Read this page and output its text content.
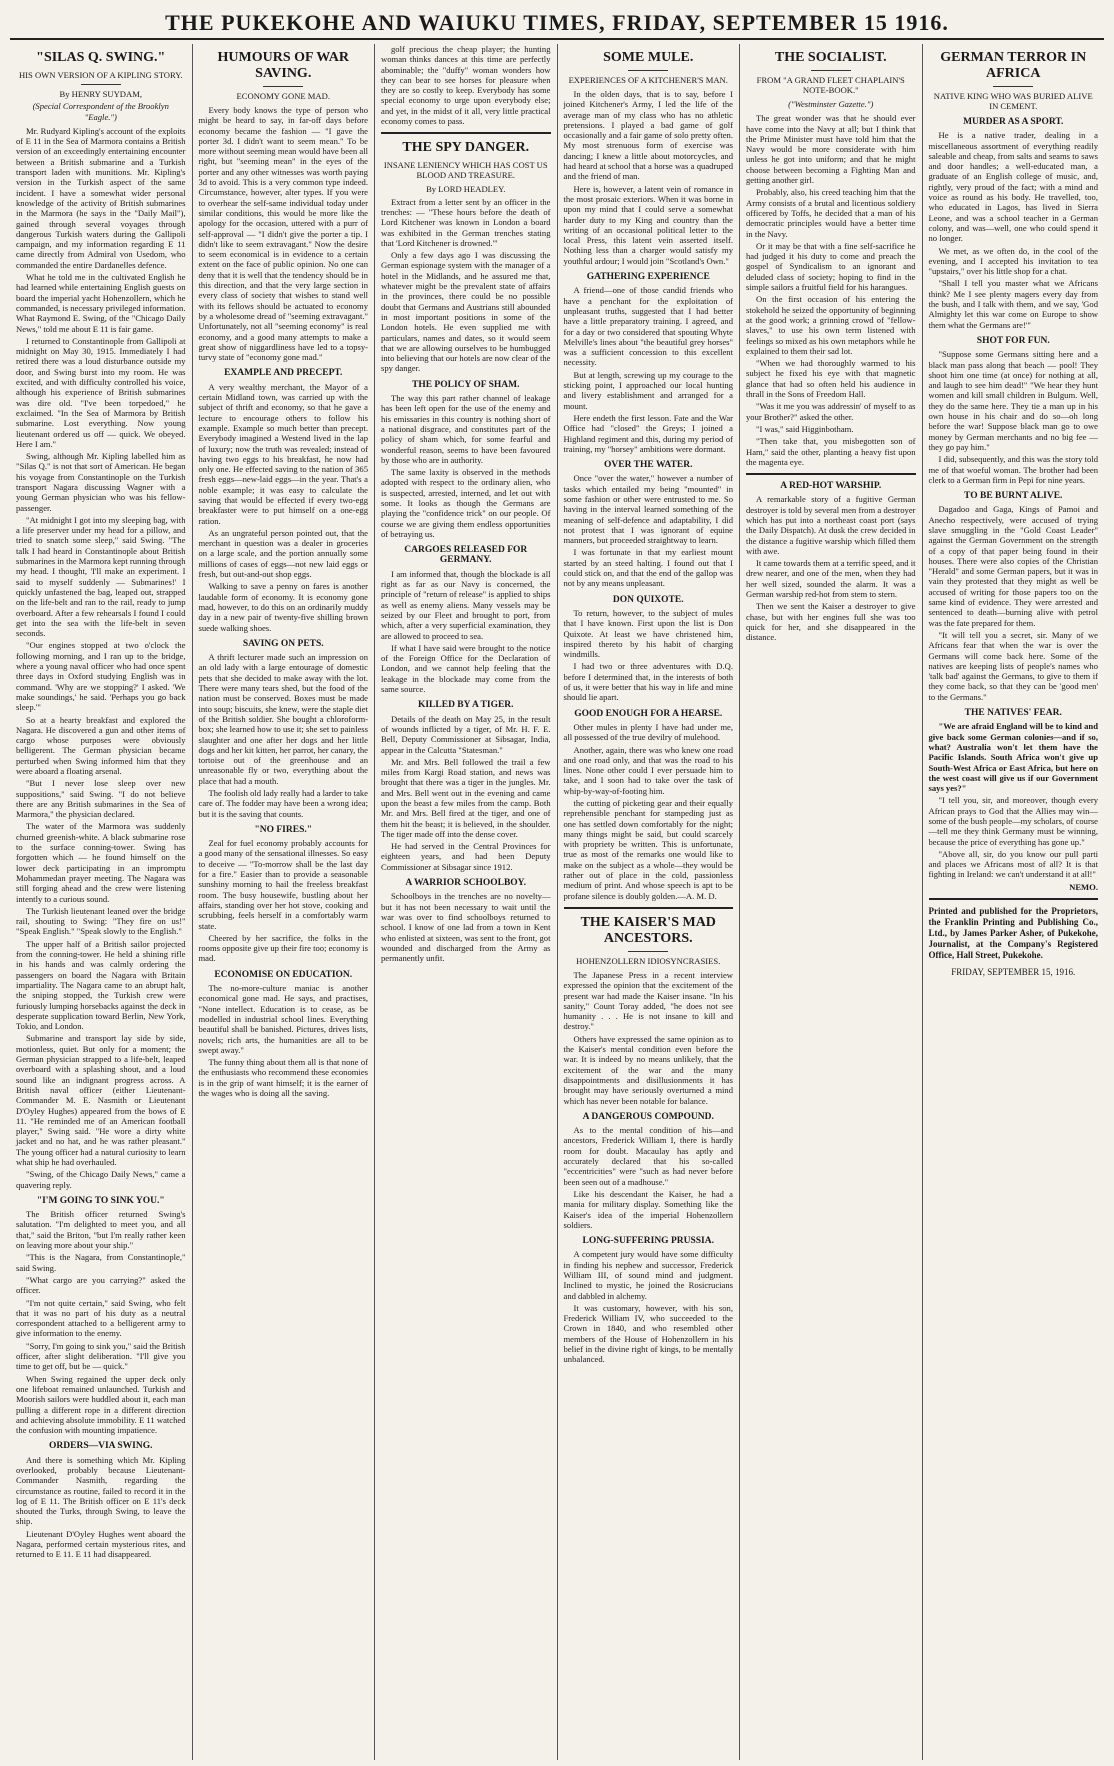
THE PUKEKOHE AND WAIUKU TIMES, FRIDAY, SEPTEMBER 15 1916.
"SILAS Q. SWING."
HIS OWN VERSION OF A KIPLING STORY.
By HENRY SUYDAM,
(Special Correspondent of the Brooklyn "Eagle.")

Mr. Rudyard Kipling's account of the exploits of E 11 in the Sea of Marmora contains a British version of an exceedingly entertaining encounter between a British submarine and a Turkish transport laden with munitions. Mr. Kipling's version in the Turkish aspect of the same incident. I have a somewhat wider personal knowledge of the activity of British submarines in the Marmora (he says in the "Daily Mail"), gained through several voyages through dangerous Turkish waters during the Gallipoli campaign, and my information regarding E 11 came directly from Admiral von Usedom, who commanded the entire Dardanelles defence.

What he told me in the cultivated English he had learned while entertaining English guests on board the imperial yacht Hohenzollern, which he commanded, is necessary privileged information. What Raymond E. Swing, of the "Chicago Daily News," told me about E 11 is fair game.

I returned to Constantinople from Gallipoli at midnight on May 30, 1915. Immediately I had retired there was a loud disturbance outside my door, and Swing burst into my room. He was excited, and with difficulty controlled his voice, although his experience of British submarines was dire old. "I've been torpedoed," he exclaimed. "In the Sea of Marmora by British submarine. Lost everything. Now young lieutenant ordered us off — quick. We obeyed. Here I am."

Swing, although Mr. Kipling labelled him as "Silas Q." is not that sort of American. He began his voyage from Constantinople on the Turkish transport Nagara discussing Wagner with a young German physician who was his fellow-passenger.

"At midnight I got into my sleeping bag, with a life preserver under my head for a pillow, and tried to snatch some sleep," said Swing. "The talk I had heard in Constantinople about British submarines in the Marmora kept running through my head. I thought, 'I'll make an experiment. I said to myself suddenly — Submarines!' I quickly unfastened the bag, leaped out, strapped on the life-belt and ran to the rail, ready to jump overboard. After a few rehearsals I found I could get into the sea with the life-belt in seven seconds.

"Our engines stopped at two o'clock the following morning, and I ran up to the bridge, where a young naval officer who had once spent three days in Oxford studying English was in command. 'Why are we stopping?' I asked. 'We make soundings,' he said. 'Perhaps you go back sleep.'"

So at a hearty breakfast and explored the Nagara. He discovered a gun and other items of cargo whose purposes were obviously belligerent. The German physician became perturbed when Swing informed him that they were aboard a floating arsenal.

"But I never lose sleep over new suppositions," said Swing. "I do not believe there are any British submarines in the Sea of Marmora," the physician declared.

The water of the Marmora was suddenly churned greenish-white. A black submarine rose to the surface conning-tower. Swing has forgotten which — he found himself on the lower deck participating in an impromptu Mohammedan prayer meeting. The Nagara was still forging ahead and the crew were listening intently to a curious sound.

The Turkish lieutenant leaned over the bridge rail, shouting to Swing: "They fire on us!" "Speak English." "Speak slowly to the English."

The upper half of a British sailor projected from the conning-tower. He held a shining rifle in his hands and was calmly ordering the passengers on board the Nagara with Britain impartiality. The Nagara came to an abrupt halt, the sniping stopped, the Turkish crew were furiously lumping horsebacks against the deck in desperate supplication toward Berlin, New York, Tokio, and London.

Submarine and transport lay side by side, motionless, quiet. But only for a moment; the German physician strapped to a life-belt, leaped overboard with a splashing shout, and a loud sound like an indignant progress across. A British naval officer (either Lieutenant-Commander M. E. Nasmith or Lieutenant D'Oyley Hughes) appeared from the bows of E 11. "He reminded me of an American football player," Swing said. "He wore a dirty white jacket and no hat, and he was rather pleasant." The young officer had a natural curiosity to learn what ship he had overhauled.

"Swing, of the Chicago Daily News," came a quavering reply.

"I'M GOING TO SINK YOU."

The British officer returned Swing's salutation. "I'm delighted to meet you, and all that," said the Briton, "but I'm really rather keen on leaving more about your ship."

"This is the Nagara, from Constantinople," said Swing.

"What cargo are you carrying?" asked the officer.

"I'm not quite certain," said Swing, who felt that it was no part of his duty as a neutral correspondent attached to a belligerent army to give information to the enemy.

"Sorry, I'm going to sink you," said the British officer, after slight deliberation. "I'll give you time to get off, but be — quick."

When Swing regained the upper deck only one lifeboat remained unlaunched. Turkish and Moorish sailors were huddled about it, each man pulling a different rope in a different direction and achieving absolute immobility. E 11 watched the confusion with mounting impatience.

ORDERS—VIA SWING.

And there is something which Mr. Kipling overlooked, probably because Lieutenant-Commander Nasmith, regarding the circumstance as routine, failed to record it in the log of E 11. The British officer on E 11's deck shouted the Turks, through Swing, to leave the ship.

Lieutenant D'Oyley Hughes went aboard the Nagara, performed certain mysterious rites, and returned to E 11. E 11 had disappeared.

HUMOURS OF WAR SAVING.
ECONOMY GONE MAD.

Every body knows the type of person who might be heard to say, in far-off days before economy became the fashion — "I gave the porter 3d. I didn't want to seem mean." To be more without seeming mean would have been all right, but "seeming mean" in the eyes of the porter and any other witnesses was worth paying 3d to avoid. This is a very common type indeed. Circumstance, however, alter types. If you were to overhear the self-same individual today under similar conditions, this would be more like the apology for the occasion, uttered with a purr of self-approval — "I didn't give the porter a tip. I didn't like to seem extravagant." Now the desire to seem economical is in evidence to a certain extent on the face of public opinion. No one can deny that it is well that the tendency should be in this direction, and that the very large section in every class of society that wishes to stand well with its fellows should be actuated to economy by a wholesome dread of "seeming extravagant." Unfortunately, not all "seeming economy" is real economy, and a good many attempts to make a great show of niggardliness have led to a topsy-turvy state of "economy gone mad."

EXAMPLE AND PRECEPT.

A very wealthy merchant, the Mayor of a certain Midland town, was carried up with the subject of thrift and economy, so that he gave a lecture to encourage others to follow his example. Example so much better than precept. Everybody imagined a Westend lived in the lap of luxury; now the truth was revealed; instead of having two eggs to his breakfast, he now had only one. He effected saving to the nation of 365 fresh eggs—new-laid eggs—in the year. That's a noble example; it was easy to calculate the saving that would be effected if every two-egg breakfaster were to put himself on a one-egg ration.

As an ungrateful person pointed out, that the merchant in question was a dealer in groceries on a large scale, and the portion annually some millions of cases of eggs—not new laid eggs or fresh, but out-and-out shop eggs.

Walking to save a penny on fares is another laudable form of economy. It is economy gone mad, however, to do this on an ordinarily muddy day in a new pair of twenty-five shilling brown suede walking shoes.

SAVING ON PETS.

A thrift lecturer made such an impression on an old lady with a large entourage of domestic pets that she decided to make away with the lot. There were many tears shed, but the food of the nation must be conserved. Boxes must be made into soup; biscuits, she knew, were the staple diet of the British soldier. She bought a chloroform-box; she learned how to use it; she set to painless slaughter and one after her dogs and her little dogs and her kit kitten, her parrot, her canary, the tortoise out of the greenhouse and an unreasonable fly or two, everything about the place that had a mouth.

The foolish old lady really had a larder to take care of. The fodder may have been a wrong idea; but it is the saving that counts.

"NO FIRES."

Zeal for fuel economy probably accounts for a good many of the sensational illnesses. So easy to deceive — "To-morrow shall be the last day for a fire." Easier than to provide a seasonable sunshiny morning to hail the freeless breakfast room. The busy housewife, bustling about her affairs, standing over her hot stove, cooking and scrubbing, feels herself in a comfortably warm state.

Cheered by her sacrifice, the folks in the rooms opposite give up their fire too; economy is mad.

ECONOMISE ON EDUCATION.

The no-more-culture maniac is another economical gone mad. He says, and practises, "None intellect. Education is to cease, as be modelled in industrial school lines. Everything beautiful shall be banished. Pictures, drives lists, novels; rich arts, the humanities are all to be swept away."

The funny thing about them all is that none of the enthusiasts who recommend these economies is in the grip of want himself; it is the earner of the wages who is doing all the saving.

golf precious the cheap player; the hunting woman thinks dances at this time are perfectly abominable; the "duffy" woman wonders how they can bear to see horses for pleasure when they are so costly to keep. Everybody has some special economy to urge upon everybody else; and yet, in the midst of it all, very little practical economy comes to pass.

THE SPY DANGER.
INSANE LENIENCY WHICH HAS COST US BLOOD AND TREASURE.
By LORD HEADLEY.

Extract from a letter sent by an officer in the trenches: — "These hours before the death of Lord Kitchener was known in London a board was exhibited in the German trenches stating that 'Lord Kitchener is drowned.'"

Only a few days ago I was discussing the German espionage system with the manager of a hotel in the Midlands, and he assured me that, whatever might be the prevalent state of affairs in the provinces, there could be no possible doubt that Germans and Austrians still abounded in most important positions in some of the London hotels. He even supplied me with particulars, names and dates, so it would seem that we are allowing ourselves to be humbugged into believing that our hotels are now clear of the spy danger.

THE POLICY OF SHAM.

The way this part rather channel of leakage has been left open for the use of the enemy and his emissaries in this country is nothing short of a national disgrace, and constitutes part of the policy of sham which, for some fearful and wonderful reason, seems to have been favoured by those who are in authority.

The same laxity is observed in the methods adopted with respect to the ordinary alien, who is suspected, arrested, interned, and let out with some. It looks as though the Germans are playing the "confidence trick" on our people. Of course we are giving them endless opportunities of betraying us.

CARGOES RELEASED FOR GERMANY.

I am informed that, though the blockade is all right as far as our Navy is concerned, the principle of "return of release" is applied to ships as well as enemy aliens. Many vessels may be seized by our Fleet and brought to port, from which, after a very superficial examination, they are allowed to proceed to sea.

If what I have said were brought to the notice of the Foreign Office for the Declaration of London, and we cannot help feeling that the leakage in the blockade may come from the same source.

KILLED BY A TIGER.

Details of the death on May 25, in the result of wounds inflicted by a tiger, of Mr. H. F. E. Bell, Deputy Commissioner at Sibsagar, India, appear in the Calcutta "Statesman."

Mr. and Mrs. Bell followed the trail a few miles from Kargi Road station, and news was brought that there was a tiger in the jungles. Mr. and Mrs. Bell went out in the evening and came upon the beast a few miles from the camp. Both Mr. and Mrs. Bell fired at the tiger, and one of them hit the beast; it is believed, in the shoulder. The tiger made off into the dense cover.

He had served in the Central Provinces for eighteen years, and had been Deputy Commissioner at Sibsagar since 1912.

A WARRIOR SCHOOLBOY.

Schoolboys in the trenches are no novelty—but it has not been necessary to wait until the war was over to find schoolboys returned to school. I know of one lad from a town in Kent who enlisted at sixteen, was sent to the front, got wounded and discharged from the Army as permanently unfit.

SOME MULE.
EXPERIENCES OF A KITCHENER'S MAN.

In the olden days, that is to say, before I joined Kitchener's Army, I led the life of the average man of my class who has no athletic pretensions. I played a bad game of golf occasionally and a fair game of solo pretty often. My most strenuous form of exercise was dancing; I knew a little about motorcycles, and had heard at school that a horse was a quadruped and the friend of man.

Here is, however, a latent vein of romance in the most prosaic exteriors. When it was borne in upon my mind that I could serve a somewhat harder duty to my King and country than the writing of an occasional political letter to the local Press, this latent vein asserted itself. Nothing less than a charger would satisfy my youthful ardour; I would join "Scotland's Own."

GATHERING EXPERIENCE

A friend—one of those candid friends who have a penchant for the exploitation of unpleasant truths, suggested that I had better have a little preparatory training. I agreed, and for a day or two considered that spouting Whyte Melville's lines about "the beautiful grey horses" was a sufficient concession to this excellent necessity.

But at length, screwing up my courage to the sticking point, I approached our local hunting and livery establishment and arranged for a mount.

Here endeth the first lesson. Fate and the War Office had "closed" the Greys; I joined a Highland regiment and this, during my period of training, my "horsey" ambitions were dormant.

OVER THE WATER.

Once "over the water," however a number of tasks which entailed my being "mounted" in some fashion or other were entrusted to me. So having in the interval learned something of the meaning of self-defence and adaptability, I did not protest that I was ignorant of equine manners, but proceeded straightway to learn.

I was fortunate in that my earliest mount started by an steed halting. I found out that I could stick on, and that the end of the gallop was not by any means unpleasant.

DON QUIXOTE.

To return, however, to the subject of mules that I have known. First upon the list is Don Quixote. At least we have christened him, inspired thereto by his habit of charging windmills.

I had two or three adventures with D.Q. before I determined that, in the interests of both of us, it were better that his way in life and mine should lie apart.

GOOD ENOUGH FOR A HEARSE.

Other mules in plenty I have had under me, all possessed of the true devilry of mulehood.

Another, again, there was who knew one road and one road only, and that was the road to his lines. None other could I ever persuade him to take, and I soon had to take over the task of whip-by-way-of-footing him.

the cutting of picketing gear and their equally reprehensible penchant for stampeding just as one has settled down comfortably for the night; many things might be said, but could scarcely with propriety be written. This is unfortunate, true as most of the remarks one would like to make on the subject as a whole—they would be rather out of place in the cold, passionless medium of print. And whose speech is apt to be profane silence is doubly golden.—A. M. D.

THE KAISER'S MAD ANCESTORS.
HOHENZOLLERN IDIOSYNCRASIES.

The Japanese Press in a recent interview expressed the opinion that the excitement of the present war had made the Kaiser insane. "In his sanity," Count Toray added, "he does not see humanity . . . He is not insane to kill and destroy."

Others have expressed the same opinion as to the Kaiser's mental condition even before the war. It is indeed by no means unlikely, that the excitement of the war and the many disappointments and disillusionments it has brought may have seriously overturned a mind which has never been notable for balance.

A DANGEROUS COMPOUND.

As to the mental condition of his—and ancestors, Frederick William I, there is hardly room for doubt. Macaulay has aptly and accurately declared that his so-called "eccentricities" were "such as had never before been seen out of a madhouse."

Like his descendant the Kaiser, he had a mania for military display. Something like the Kaiser's idea of the imperial Hohenzollern soldiers.

LONG-SUFFERING PRUSSIA.

A competent jury would have some difficulty in finding his nephew and successor, Frederick William III, of sound mind and judgment. Inclined to mystic, he joined the Rosicrucians and dabbled in alchemy.

It was customary, however, with his son, Frederick William IV, who succeeded to the Crown in 1840, and who resembled other members of the House of Hohenzollern in his belief in the divine right of kings, to be mentally unbalanced.

THE SOCIALIST.
FROM "A GRAND FLEET CHAPLAIN'S NOTE-BOOK."
("Westminster Gazette.")

The great wonder was that he should ever have come into the Navy at all; but I think that the Prime Minister must have told him that the Navy would be more considerate with him unless he got into uniform; and that he might choose between becoming a Fighting Man and getting another girl.

Probably, also, his creed teaching him that the Army consists of a brutal and licentious soldiery officered by Toffs, he decided that a man of his democratic principles would have a better time in the Navy.

Or it may be that with a fine self-sacrifice he had judged it his duty to come and preach the gospel of Syndicalism to an ignorant and deluded class of society; hoping to find in the simple sailors a fruitful field for his harangues.

On the first occasion of his entering the stokehold he seized the opportunity of beginning at the good work; a grinning crowd of "fellow-slaves," to use his own term listened with feelings so mixed as his own metaphors while he explained to them their sad lot.

"When we had thoroughly warmed to his subject he fixed his eye with that magnetic glance that had so often held his audience in thrall in the Sons of Freedom Hall.

"Was it me you was addressin' of myself to as your Brother?" asked the other.

"I was," said Higginbotham.

"Then take that, you misbegotten son of Ham," said the other, planting a heavy fist upon the magenta eye.

A RED-HOT WARSHIP.

A remarkable story of a fugitive German destroyer is told by several men from a destroyer which has put into a northeast coast port (says the Daily Dispatch). At dusk the crew decided in the distance a fugitive warship which filled them with awe.

It came towards them at a terrific speed, and it drew nearer, and one of the men, when they had her well sized, sounded the alarm. It was a German warship red-hot from stem to stern.

Then we sent the Kaiser a destroyer to give chase, but with her engines full she was too quick for her, and she disappeared in the distance.

GERMAN TERROR IN AFRICA
NATIVE KING WHO WAS BURIED ALIVE IN CEMENT.
MURDER AS A SPORT.

He is a native trader, dealing in a miscellaneous assortment of everything readily saleable and cheap, from salts and seams to saws and door handles; a well-educated man, a graduate of an English college of music, and, rightly, very proud of the fact; with a mind and voice as round as his body. He travelled, too, who educated in Lagos, has lived in Sierra Leone, and was a school teacher in a German colony, and was—well, one who could spend it no longer.

We met, as we often do, in the cool of the evening, and I accepted his invitation to tea "upstairs," over his little shop for a chat.

"Shall I tell you master what we Africans think? Me I see plenty magers every day from the bush, and I talk with them, and we say, 'God Almighty let this war come on Europe to show them what the Germans are!'"

SHOT FOR FUN.

"Suppose some Germans sitting here and a black man pass along that beach — pool! They shoot him one time (at once) for nothing at all, and laugh to see him dead!" "We hear they hunt women and kill small children in Bulgum. Well, they do the same here. They tie a man up in his own house in his chair and do so—oh long before the war! Suppose black man go to owe money by German merchants and no big fee — they go pay him."

I did, subsequently, and this was the story told me of that woeful woman. The brother had been clerk to a German firm in Pepi for nine years.

TO BE BURNT ALIVE.

Dagadoo and Gaga, Kings of Pamoi and Anecho respectively, were accused of trying slave smuggling in the "Gold Coast Leader" against the German Government on the strength of a copy of that paper being found in their houses. There were also copies of the Christian "Herald" and some German papers, but it was in vain they protested that they might as well be accused of writing for those papers too on the same kind of evidence. They were arrested and sentenced to death—burning alive with petrol was the fate prepared for them.

"It will tell you a secret, sir. Many of we Africans fear that when the war is over the Germans will come back here. Some of the natives are keeping lists of people's names who 'talk bad' against the Germans, to give to them if they come back, so that they can be 'good men' to the Germans."

THE NATIVES' FEAR.

"We are afraid England will be to kind and give back some German colonies—and if so, what? Australia won't let them have the Pacific Islands. South Africa won't give up South-West Africa or East Africa, but here on the west coast will give us if our Government says yes?"

"I tell you, sir, and moreover, though every African prays to God that the Allies may win—some of the bush people—my scholars, of course—tell me they think Germany must be winning, because the price of everything has gone up."

"Above all, sir, do you know our pull parti and places we Africans most of all? It is that fighting in Ireland: we can't understand it at all!"

NEMO.

Printed and published for the Proprietors, the Franklin Printing and Publishing Co., Ltd., by James Parker Asher, of Pukekohe, Journalist, at the Company's Registered Office, Hall Street, Pukekohe.

FRIDAY, SEPTEMBER 15, 1916.
